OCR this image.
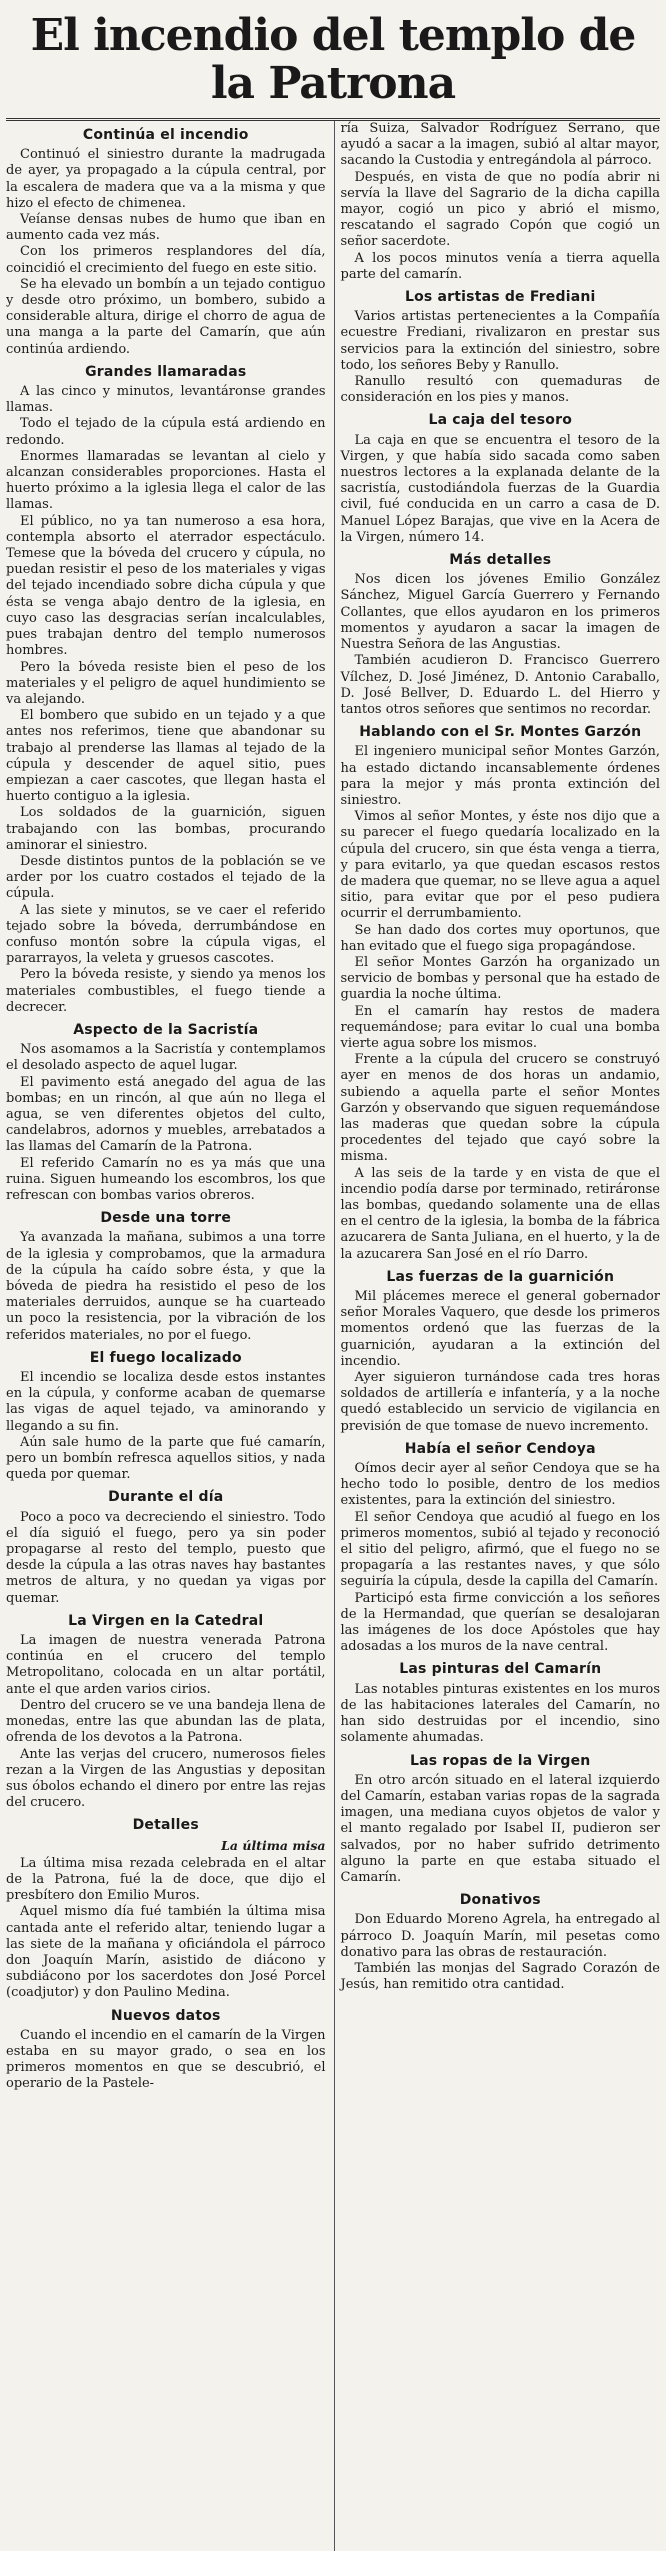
El incendio del templo de la Patrona
Continúa el incendio

Continuó el siniestro durante la madrugada de ayer, ya propagado a la cúpula central, por la escalera de madera que va a la misma y que hizo el efecto de chimenea.

Veíanse densas nubes de humo que iban en aumento cada vez más.

Con los primeros resplandores del día, coincidió el crecimiento del fuego en este sitio.

Se ha elevado un bombín a un tejado contiguo y desde otro próximo, un bombero, subido a considerable altura, dirige el chorro de agua de una manga a la parte del Camarín, que aún continúa ardiendo.

Grandes llamaradas

A las cinco y minutos, levantáronse grandes llamas.

Todo el tejado de la cúpula está ardiendo en redondo.

Enormes llamaradas se levantan al cielo y alcanzan considerables proporciones. Hasta el huerto próximo a la iglesia llega el calor de las llamas.

El público, no ya tan numeroso a esa hora, contempla absorto el aterrador espectáculo. Temese que la bóveda del crucero y cúpula, no puedan resistir el peso de los materiales y vigas del tejado incendiado sobre dicha cúpula y que ésta se venga abajo dentro de la iglesia, en cuyo caso las desgracias serían incalculables, pues trabajan dentro del templo numerosos hombres.

Pero la bóveda resiste bien el peso de los materiales y el peligro de aquel hundimiento se va alejando.

El bombero que subido en un tejado y a que antes nos referimos, tiene que abandonar su trabajo al prenderse las llamas al tejado de la cúpula y descender de aquel sitio, pues empiezan a caer cascotes, que llegan hasta el huerto contiguo a la iglesia.

Los soldados de la guarnición, siguen trabajando con las bombas, procurando aminorar el siniestro.

Desde distintos puntos de la población se ve arder por los cuatro costados el tejado de la cúpula.

A las siete y minutos, se ve caer el referido tejado sobre la bóveda, derrumbándose en confuso montón sobre la cúpula vigas, el pararrayos, la veleta y gruesos cascotes.

Pero la bóveda resiste, y siendo ya menos los materiales combustibles, el fuego tiende a decrecer.

Aspecto de la Sacristía

Nos asomamos a la Sacristía y contemplamos el desolado aspecto de aquel lugar.

El pavimento está anegado del agua de las bombas; en un rincón, al que aún no llega el agua, se ven diferentes objetos del culto, candelabros, adornos y muebles, arrebatados a las llamas del Camarín de la Patrona.

El referido Camarín no es ya más que una ruina. Siguen humeando los escombros, los que refrescan con bombas varios obreros.

Desde una torre

Ya avanzada la mañana, subimos a una torre de la iglesia y comprobamos, que la armadura de la cúpula ha caído sobre ésta, y que la bóveda de piedra ha resistido el peso de los materiales derruidos, aunque se ha cuarteado un poco la resistencia, por la vibración de los referidos materiales, no por el fuego.

El fuego localizado

El incendio se localiza desde estos instantes en la cúpula, y conforme acaban de quemarse las vigas de aquel tejado, va aminorando y llegando a su fin.

Aún sale humo de la parte que fué camarín, pero un bombín refresca aquellos sitios, y nada queda por quemar.

Durante el día

Poco a poco va decreciendo el siniestro. Todo el día siguió el fuego, pero ya sin poder propagarse al resto del templo, puesto que desde la cúpula a las otras naves hay bastantes metros de altura, y no quedan ya vigas por quemar.

La Virgen en la Catedral

La imagen de nuestra venerada Patrona continúa en el crucero del templo Metropolitano, colocada en un altar portátil, ante el que arden varios cirios.

Dentro del crucero se ve una bandeja llena de monedas, entre las que abundan las de plata, ofrenda de los devotos a la Patrona.

Ante las verjas del crucero, numerosos fieles rezan a la Virgen de las Angustias y depositan sus óbolos echando el dinero por entre las rejas del crucero.

Detalles
La última misa

La última misa rezada celebrada en el altar de la Patrona, fué la de doce, que dijo el presbítero don Emilio Muros.

Aquel mismo día fué también la última misa cantada ante el referido altar, teniendo lugar a las siete de la mañana y oficiándola el párroco don Joaquín Marín, asistido de diácono y subdiácono por los sacerdotes don José Porcel (coadjutor) y don Paulino Medina.

Nuevos datos

Cuando el incendio en el camarín de la Virgen estaba en su mayor grado, o sea en los primeros momentos en que se descubrió, el operario de la Pastele-

ría Suiza, Salvador Rodríguez Serrano, que ayudó a sacar a la imagen, subió al altar mayor, sacando la Custodia y entregándola al párroco.

Después, en vista de que no podía abrir ni servía la llave del Sagrario de la dicha capilla mayor, cogió un pico y abrió el mismo, rescatando el sagrado Copón que cogió un señor sacerdote.

A los pocos minutos venía a tierra aquella parte del camarín.

Los artistas de Frediani

Varios artistas pertenecientes a la Compañía ecuestre Frediani, rivalizaron en prestar sus servicios para la extinción del siniestro, sobre todo, los señores Beby y Ranullo.

Ranullo resultó con quemaduras de consideración en los pies y manos.

La caja del tesoro

La caja en que se encuentra el tesoro de la Virgen, y que había sido sacada como saben nuestros lectores a la explanada delante de la sacristía, custodiándola fuerzas de la Guardia civil, fué conducida en un carro a casa de D. Manuel López Barajas, que vive en la Acera de la Virgen, número 14.

Más detalles

Nos dicen los jóvenes Emilio González Sánchez, Miguel García Guerrero y Fernando Collantes, que ellos ayudaron en los primeros momentos y ayudaron a sacar la imagen de Nuestra Señora de las Angustias.

También acudieron D. Francisco Guerrero Vílchez, D. José Jiménez, D. Antonio Caraballo, D. José Bellver, D. Eduardo L. del Hierro y tantos otros señores que sentimos no recordar.

Hablando con el Sr. Montes Garzón

El ingeniero municipal señor Montes Garzón, ha estado dictando incansablemente órdenes para la mejor y más pronta extinción del siniestro.

Vimos al señor Montes, y éste nos dijo que a su parecer el fuego quedaría localizado en la cúpula del crucero, sin que ésta venga a tierra, y para evitarlo, ya que quedan escasos restos de madera que quemar, no se lleve agua a aquel sitio, para evitar que por el peso pudiera ocurrir el derrumbamiento.

Se han dado dos cortes muy oportunos, que han evitado que el fuego siga propagándose.

El señor Montes Garzón ha organizado un servicio de bombas y personal que ha estado de guardia la noche última.

En el camarín hay restos de madera requemándose; para evitar lo cual una bomba vierte agua sobre los mismos.

Frente a la cúpula del crucero se construyó ayer en menos de dos horas un andamio, subiendo a aquella parte el señor Montes Garzón y observando que siguen requemándose las maderas que quedan sobre la cúpula procedentes del tejado que cayó sobre la misma.

A las seis de la tarde y en vista de que el incendio podía darse por terminado, retiráronse las bombas, quedando solamente una de ellas en el centro de la iglesia, la bomba de la fábrica azucarera de Santa Juliana, en el huerto, y la de la azucarera San José en el río Darro.

Las fuerzas de la guarnición

Mil plácemes merece el general gobernador señor Morales Vaquero, que desde los primeros momentos ordenó que las fuerzas de la guarnición, ayudaran a la extinción del incendio.

Ayer siguieron turnándose cada tres horas soldados de artillería e infantería, y a la noche quedó establecido un servicio de vigilancia en previsión de que tomase de nuevo incremento.

Había el señor Cendoya

Oímos decir ayer al señor Cendoya que se ha hecho todo lo posible, dentro de los medios existentes, para la extinción del siniestro.

El señor Cendoya que acudió al fuego en los primeros momentos, subió al tejado y reconoció el sitio del peligro, afirmó, que el fuego no se propagaría a las restantes naves, y que sólo seguiría la cúpula, desde la capilla del Camarín.

Participó esta firme convicción a los señores de la Hermandad, que querían se desalojaran las imágenes de los doce Apóstoles que hay adosadas a los muros de la nave central.

Las pinturas del Camarín

Las notables pinturas existentes en los muros de las habitaciones laterales del Camarín, no han sido destruidas por el incendio, sino solamente ahumadas.

Las ropas de la Virgen

En otro arcón situado en el lateral izquierdo del Camarín, estaban varias ropas de la sagrada imagen, una mediana cuyos objetos de valor y el manto regalado por Isabel II, pudieron ser salvados, por no haber sufrido detrimento alguno la parte en que estaba situado el Camarín.

Donativos

Don Eduardo Moreno Agrela, ha entregado al párroco D. Joaquín Marín, mil pesetas como donativo para las obras de restauración.

También las monjas del Sagrado Corazón de Jesús, han remitido otra cantidad.
